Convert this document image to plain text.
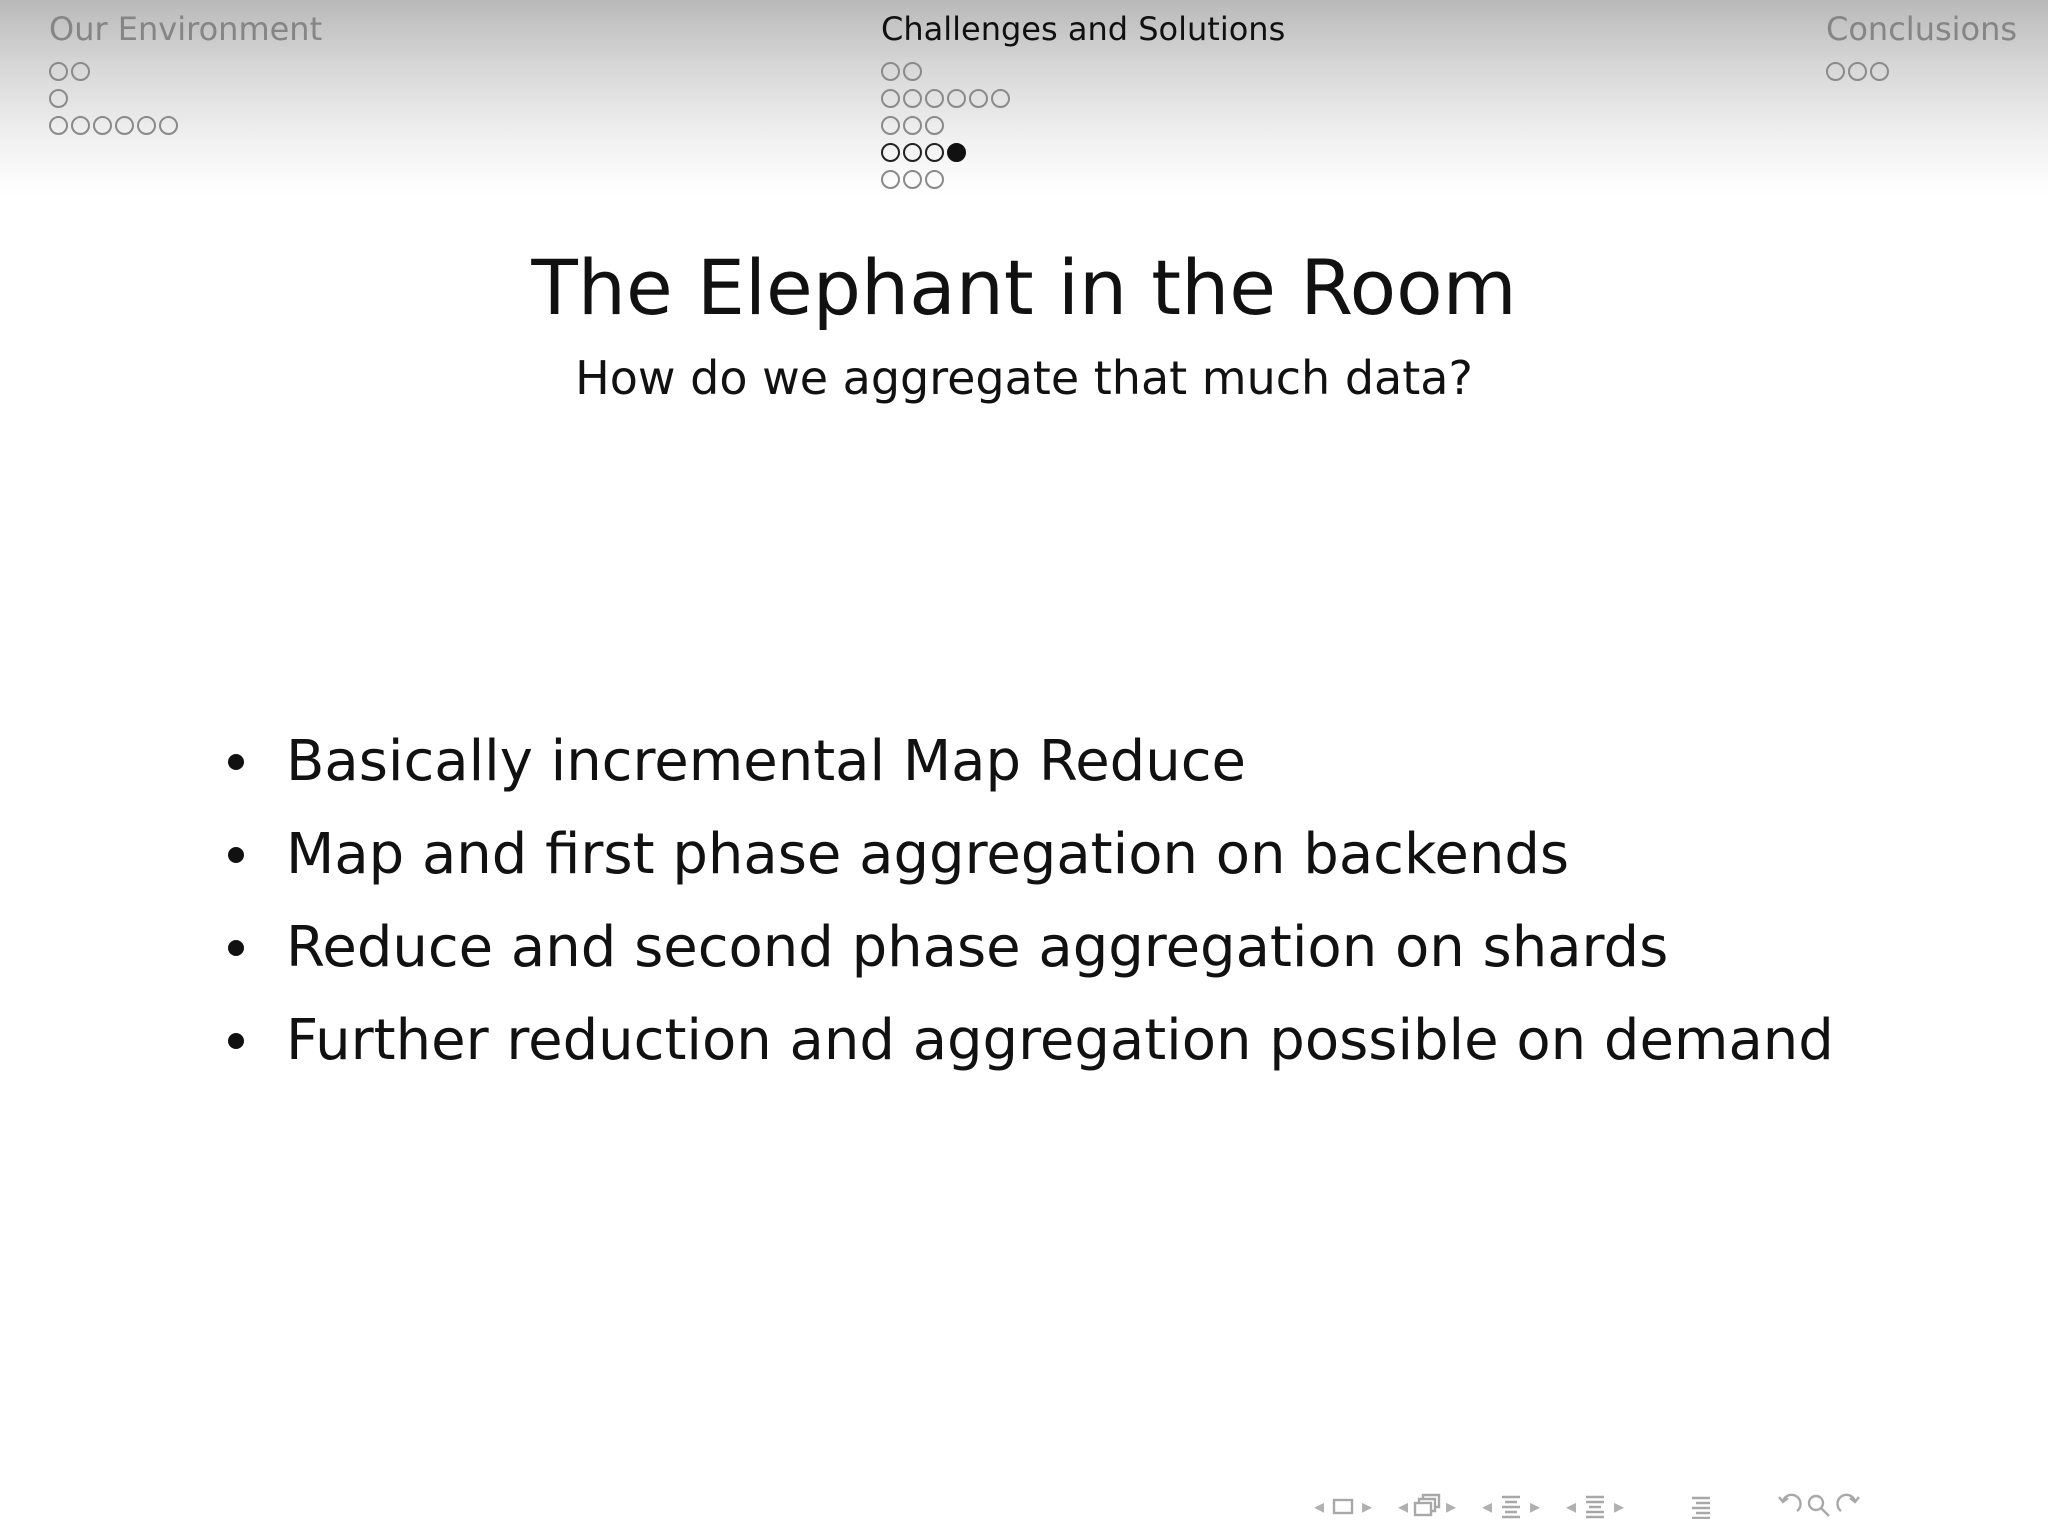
Our Environment	Challenges and Solutions	Conclusions
The Elephant in the Room
How do we aggregate that much data?
Basically incremental Map Reduce
Map and first phase aggregation on backends
Reduce and second phase aggregation on shards
Further reduction and aggregation possible on demand
◂ ▸ ◂ ▸ ◂ ▸ ◂ ▸
